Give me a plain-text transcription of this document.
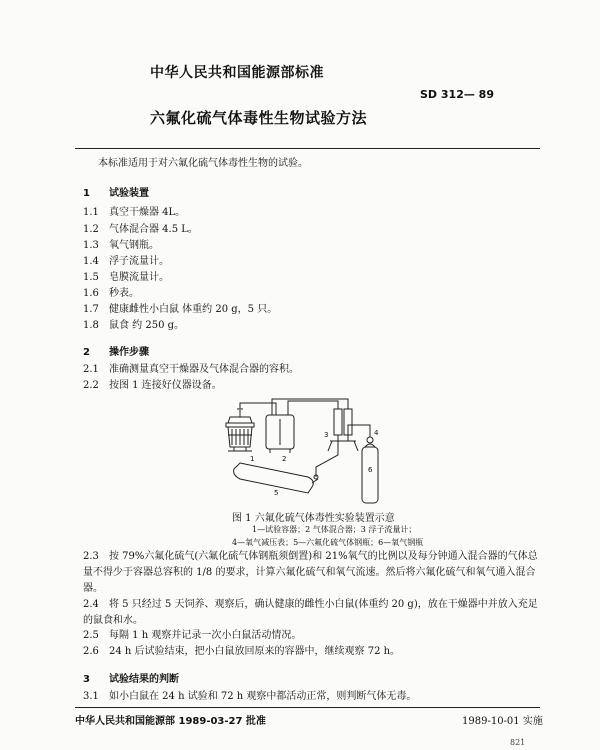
中华人民共和国能源部标准
SD 312— 89
六氟化硫气体毒性生物试验方法
本标准适用于对六氟化硫气体毒性生物的试验。
1 试验装置
1.1 真空干燥器 4L。
1.2 气体混合器 4.5 L。
1.3 氧气钢瓶。
1.4 浮子流量计。
1.5 皂膜流量计。
1.6 秒表。
1.7 健康雌性小白鼠 体重约 20 g，5 只。
1.8 鼠食 约 250 g。
2 操作步骤
2.1 准确测量真空干燥器及气体混合器的容积。
2.2 按图 1 连接好仪器设备。
1	2
3	4
5
6
图 1 六氟化硫气体毒性实验装置示意
1—试验容器；2 气体混合器；3 浮子流量计；
4—氧气减压表；5—六氟化硫气体钢瓶；6—氧气钢瓶
2.3 按 79%六氟化硫气(六氟化硫气体钢瓶须倒置)和 21%氧气的比例以及每分钟通入混合器的气体总量不得少于容器总容积的 1/8 的要求，计算六氟化硫气和氧气流速。然后将六氟化硫气和氧气通入混合器。
2.4 将 5 只经过 5 天饲养、观察后，确认健康的雌性小白鼠(体重约 20 g)，放在干燥器中并放入充足的鼠食和水。
2.5 每隔 1 h 观察并记录一次小白鼠活动情况。
2.6 24 h 后试验结束，把小白鼠放回原来的容器中，继续观察 72 h。
3 试验结果的判断
3.1 如小白鼠在 24 h 试验和 72 h 观察中都活动正常，则判断气体无毒。
中华人民共和国能源部 1989-03-27 批准	1989-10-01 实施
821
